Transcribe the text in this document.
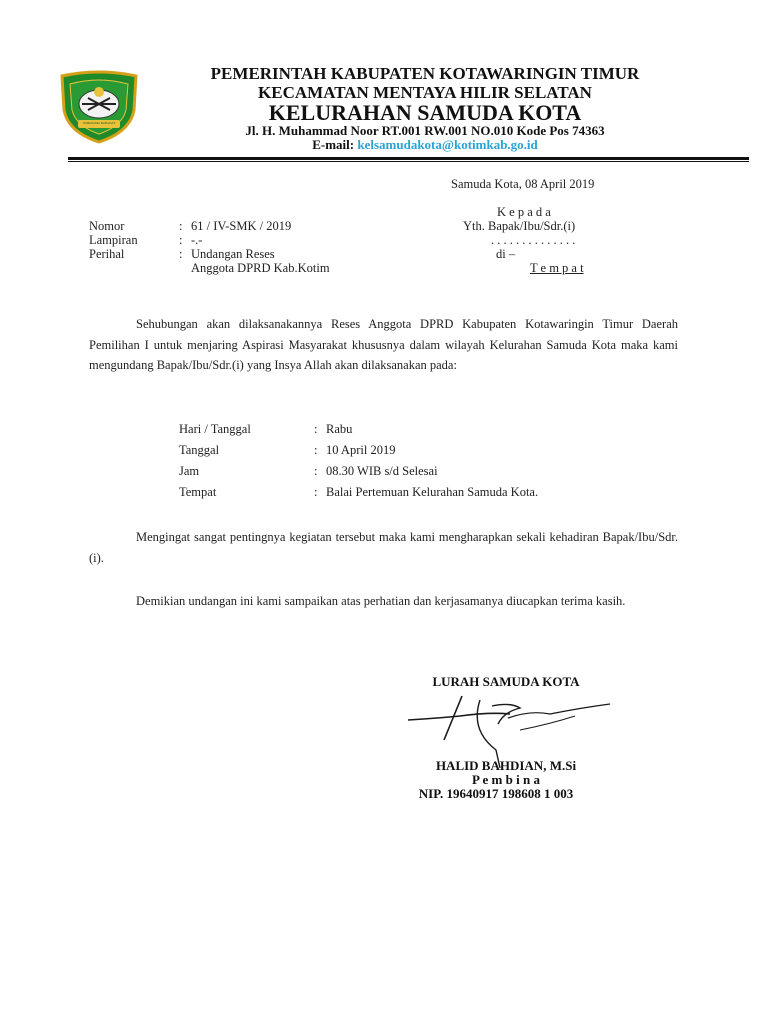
HABAKUNG BAHADAT
PEMERINTAH KABUPATEN KOTAWARINGIN TIMUR
KECAMATAN MENTAYA HILIR SELATAN
KELURAHAN SAMUDA KOTA
Jl. H. Muhammad Noor RT.001 RW.001 NO.010 Kode Pos 74363
E-mail: kelsamudakota@kotimkab.go.id
Samuda Kota, 08 April 2019
K e p a d a
Yth. Bapak/Ibu/Sdr.(i)
. . . . . . . . . . . . . .
di –
T e m p a t
Nomor	: 61 / IV-SMK / 2019
Lampiran	: -.-
Perihal	: Undangan Reses
Anggota DPRD Kab.Kotim
Sehubungan akan dilaksanakannya Reses Anggota DPRD Kabupaten Kotawaringin Timur Daerah Pemilihan I untuk menjaring Aspirasi Masyarakat khususnya dalam wilayah Kelurahan Samuda Kota maka kami mengundang Bapak/Ibu/Sdr.(i) yang Insya Allah akan dilaksanakan pada:
Hari / Tanggal	: Rabu
Tanggal	: 10 April 2019
Jam	: 08.30 WIB s/d Selesai
Tempat	: Balai Pertemuan Kelurahan Samuda Kota.
Mengingat sangat pentingnya kegiatan tersebut maka kami mengharapkan sekali kehadiran Bapak/Ibu/Sdr.(i).
Demikian undangan ini kami sampaikan atas perhatian dan kerjasamanya diucapkan terima kasih.
LURAH SAMUDA KOTA
HALID BAHDIAN, M.Si
P e m b i n a
NIP. 19640917 198608 1 003
